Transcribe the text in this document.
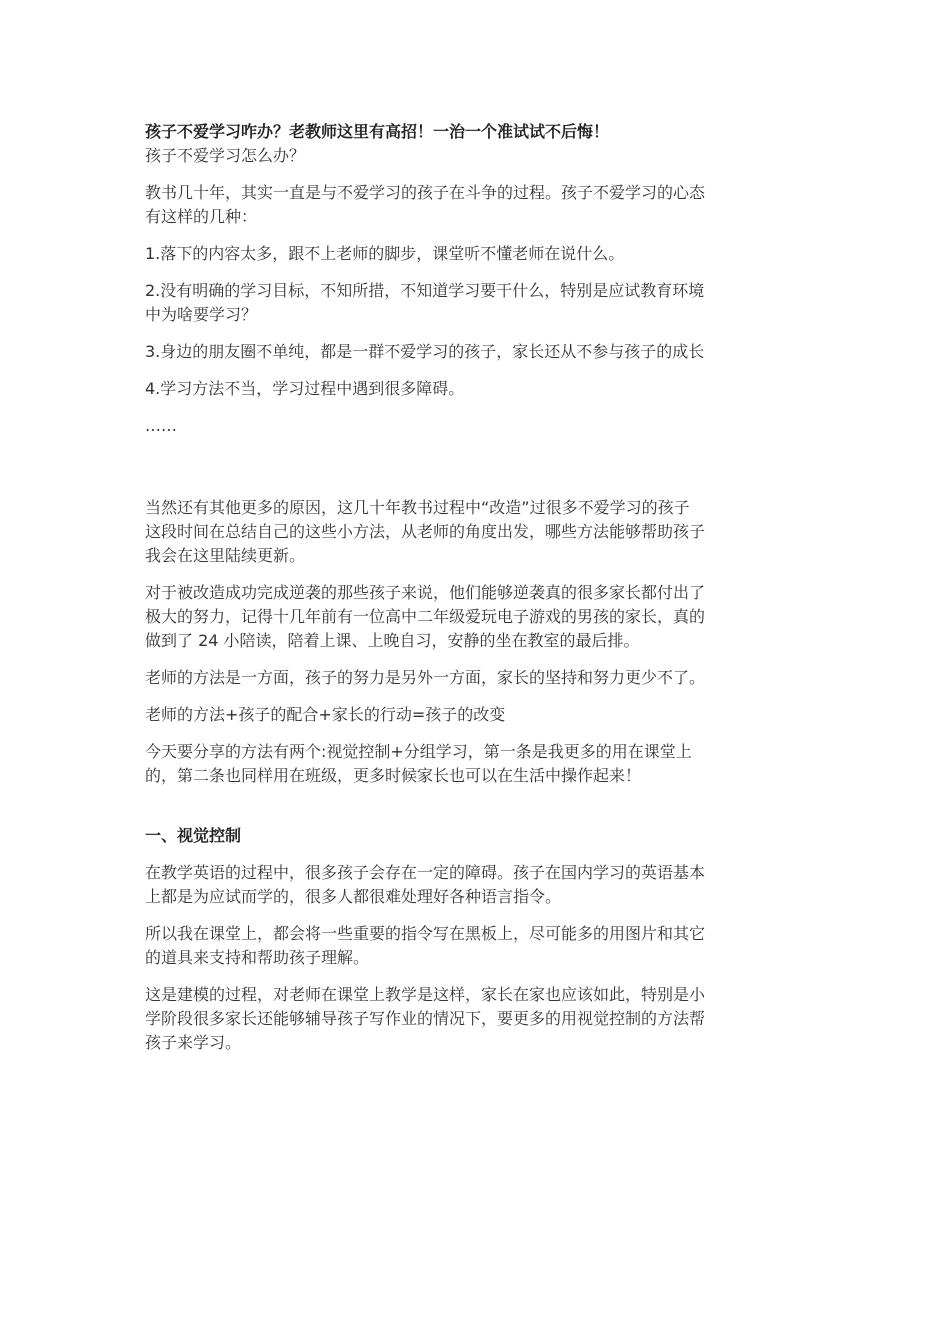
孩子不爱学习咋办？老教师这里有高招！一治一个准试试不后悔！

孩子不爱学习怎么办？

教书几十年，其实一直是与不爱学习的孩子在斗争的过程。孩子不爱学习的心态

有这样的几种：

1.落下的内容太多，跟不上老师的脚步，课堂听不懂老师在说什么。

2.没有明确的学习目标，不知所措，不知道学习要干什么，特别是应试教育环境

中为啥要学习？

3.身边的朋友圈不单纯，都是一群不爱学习的孩子，家长还从不参与孩子的成长

4.学习方法不当，学习过程中遇到很多障碍。

……

当然还有其他更多的原因，这几十年教书过程中“改造”过很多不爱学习的孩子

这段时间在总结自己的这些小方法，从老师的角度出发，哪些方法能够帮助孩子

我会在这里陆续更新。

对于被改造成功完成逆袭的那些孩子来说，他们能够逆袭真的很多家长都付出了

极大的努力，记得十几年前有一位高中二年级爱玩电子游戏的男孩的家长，真的

做到了 24 小陪读，陪着上课、上晚自习，安静的坐在教室的最后排。

老师的方法是一方面，孩子的努力是另外一方面，家长的坚持和努力更少不了。

老师的方法+孩子的配合+家长的行动=孩子的改变

今天要分享的方法有两个:视觉控制+分组学习，第一条是我更多的用在课堂上

的，第二条也同样用在班级，更多时候家长也可以在生活中操作起来！

一、视觉控制

在教学英语的过程中，很多孩子会存在一定的障碍。孩子在国内学习的英语基本

上都是为应试而学的，很多人都很难处理好各种语言指令。

所以我在课堂上，都会将一些重要的指令写在黑板上，尽可能多的用图片和其它

的道具来支持和帮助孩子理解。

这是建模的过程，对老师在课堂上教学是这样，家长在家也应该如此，特别是小

学阶段很多家长还能够辅导孩子写作业的情况下，要更多的用视觉控制的方法帮

孩子来学习。
